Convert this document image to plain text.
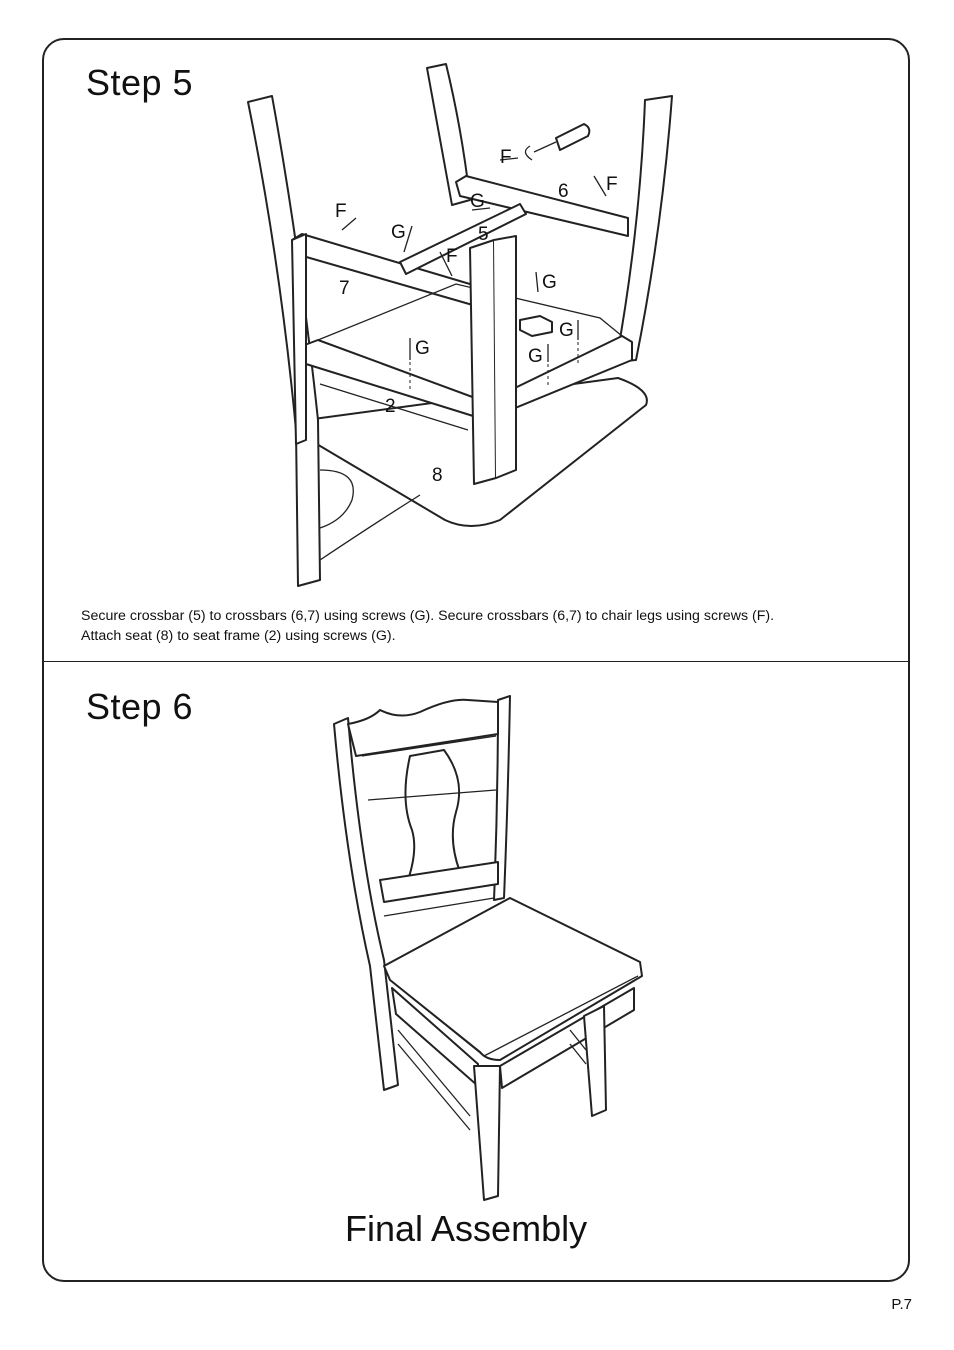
Step 5
F
F
F
F
G
G
G
G
G	G
2
5
6
7
8
Secure crossbar (5) to crossbars (6,7) using screws (G). Secure crossbars (6,7) to chair legs using screws (F).
Attach seat (8) to seat frame (2) using screws (G).
Step 6
Final Assembly
P.7
